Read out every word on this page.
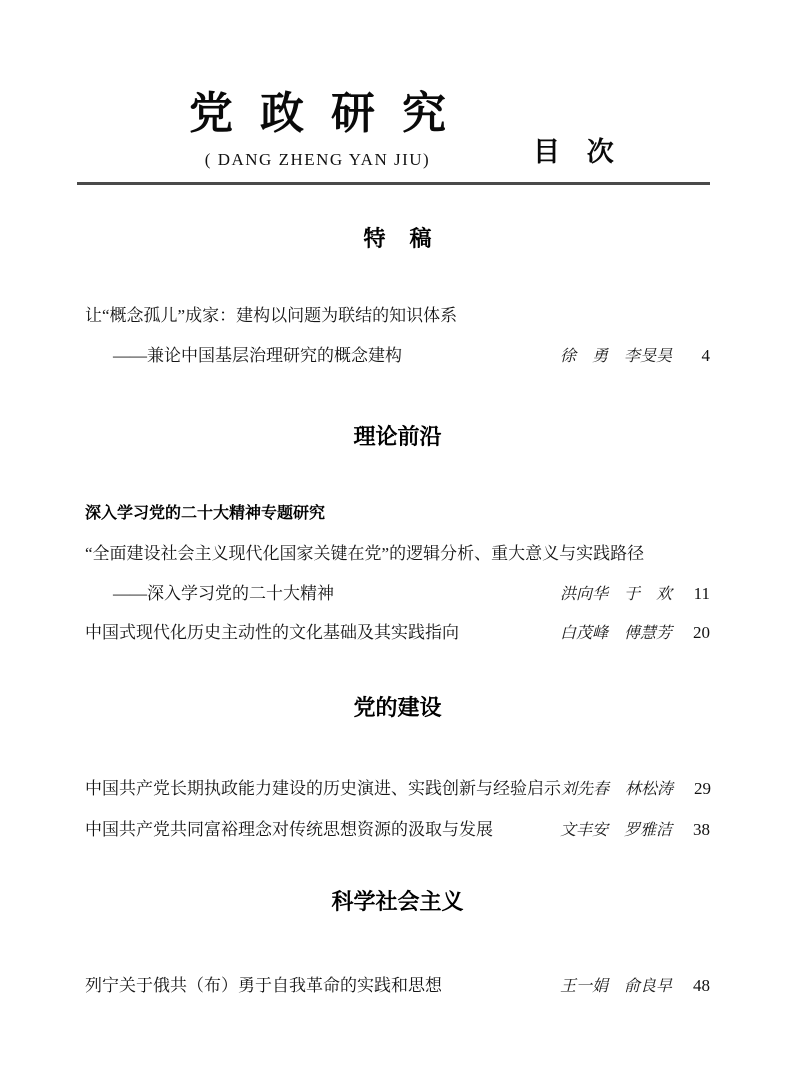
党 政 研 究
( DANG ZHENG YAN JIU)	目 次
特 稿
让“概念孤儿”成家：建构以问题为联结的知识体系
——兼论中国基层治理研究的概念建构	徐　勇　李旻昊	4
理论前沿
深入学习党的二十大精神专题研究
“全面建设社会主义现代化国家关键在党”的逻辑分析、重大意义与实践路径
——深入学习党的二十大精神	洪向华　于　欢	11
中国式现代化历史主动性的文化基础及其实践指向	白茂峰　傅慧芳	20
党的建设
中国共产党长期执政能力建设的历史演进、实践创新与经验启示 刘先春　林松涛	29
中国共产党共同富裕理念对传统思想资源的汲取与发展	文丰安　罗雅洁	38
科学社会主义
列宁关于俄共（布）勇于自我革命的实践和思想	王一娟　俞良早	48
